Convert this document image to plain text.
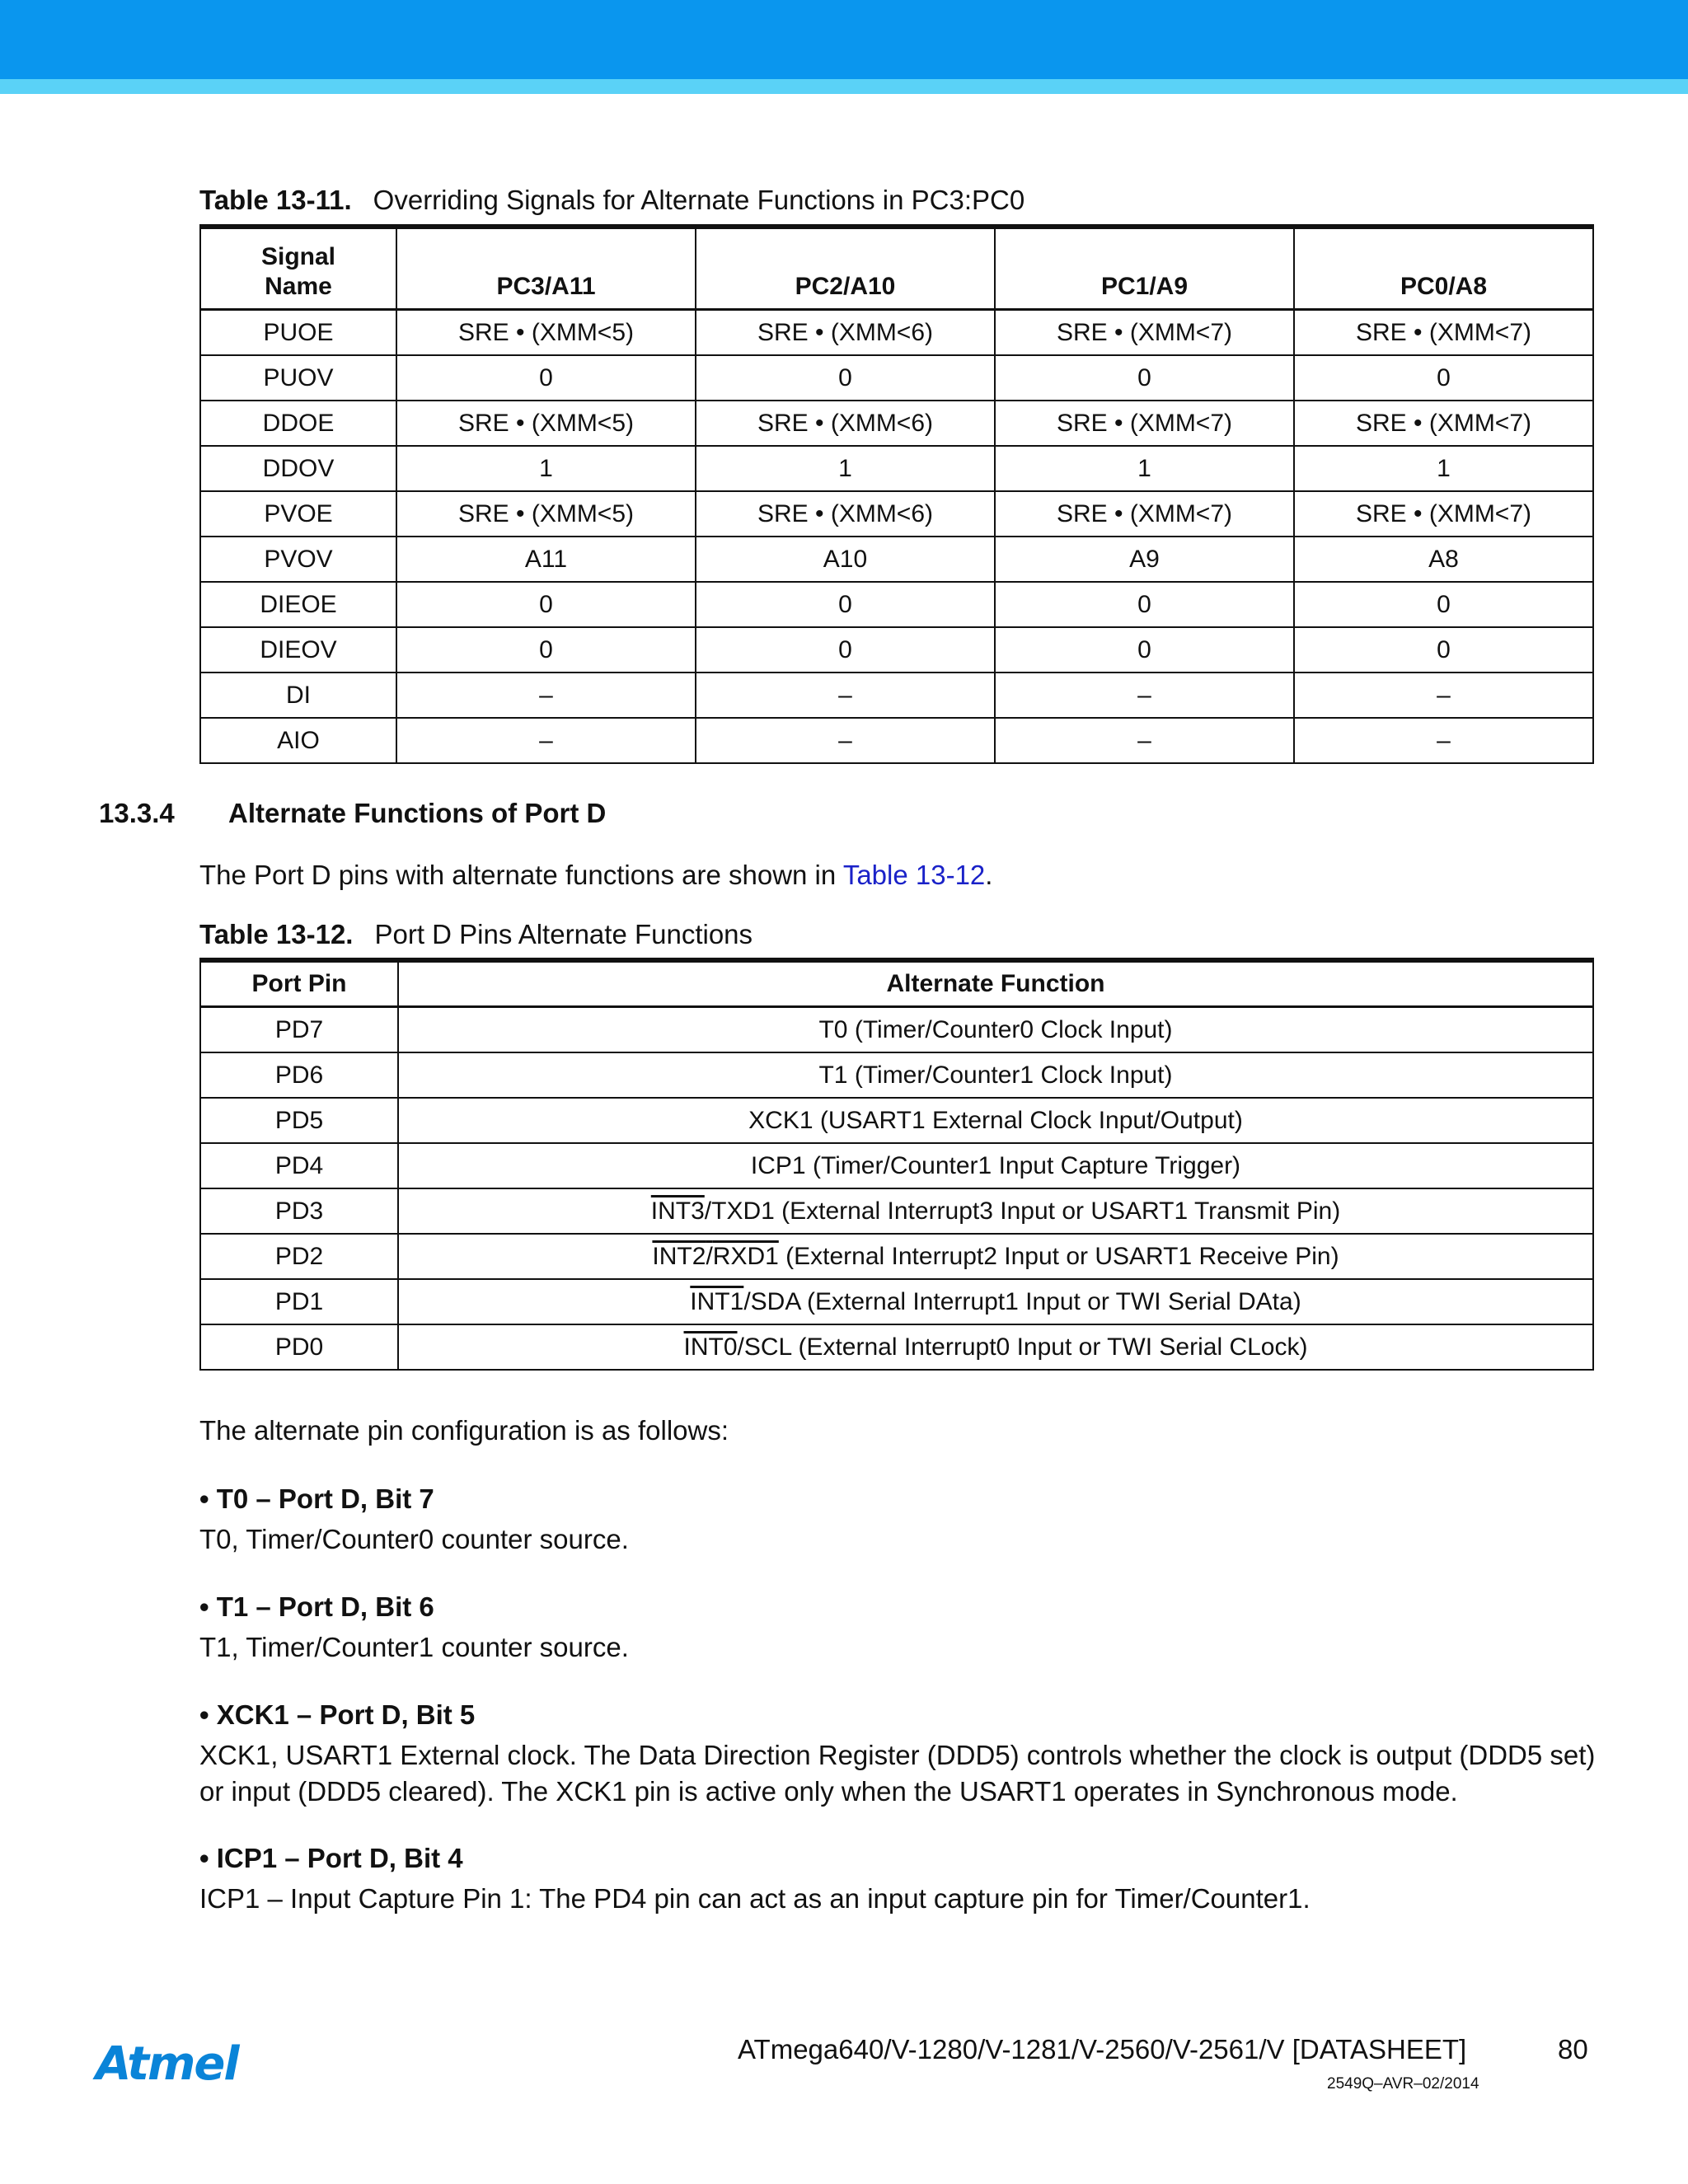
Table 13-11. Overriding Signals for Alternate Functions in PC3:PC0
Signal Name	PC3/A11	PC2/A10	PC1/A9	PC0/A8
PUOE	SRE • (XMM<5)	SRE • (XMM<6)	SRE • (XMM<7)	SRE • (XMM<7)
PUOV	0	0	0	0
DDOE	SRE • (XMM<5)	SRE • (XMM<6)	SRE • (XMM<7)	SRE • (XMM<7)
DDOV	1	1	1	1
PVOE	SRE • (XMM<5)	SRE • (XMM<6)	SRE • (XMM<7)	SRE • (XMM<7)
PVOV	A11	A10	A9	A8
DIEOE	0	0	0	0
DIEOV	0	0	0	0
DI	–	–	–	–
AIO	–	–	–	–
13.3.4 Alternate Functions of Port D
The Port D pins with alternate functions are shown in Table 13-12.
Table 13-12. Port D Pins Alternate Functions
Port Pin	Alternate Function
PD7	T0 (Timer/Counter0 Clock Input)
PD6	T1 (Timer/Counter1 Clock Input)
PD5	XCK1 (USART1 External Clock Input/Output)
PD4	ICP1 (Timer/Counter1 Input Capture Trigger)
PD3	INT3/TXD1 (External Interrupt3 Input or USART1 Transmit Pin)
PD2	INT2/RXD1 (External Interrupt2 Input or USART1 Receive Pin)
PD1	INT1/SDA (External Interrupt1 Input or TWI Serial DAta)
PD0	INT0/SCL (External Interrupt0 Input or TWI Serial CLock)
The alternate pin configuration is as follows:
• T0 – Port D, Bit 7
T0, Timer/Counter0 counter source.
• T1 – Port D, Bit 6
T1, Timer/Counter1 counter source.
• XCK1 – Port D, Bit 5
XCK1, USART1 External clock. The Data Direction Register (DDD5) controls whether the clock is output (DDD5 set) or input (DDD5 cleared). The XCK1 pin is active only when the USART1 operates in Synchronous mode.
• ICP1 – Port D, Bit 4
ICP1 – Input Capture Pin 1: The PD4 pin can act as an input capture pin for Timer/Counter1.
Atmel	ATmega640/V-1280/V-1281/V-2560/V-2561/V [DATASHEET]	80
2549Q–AVR–02/2014
